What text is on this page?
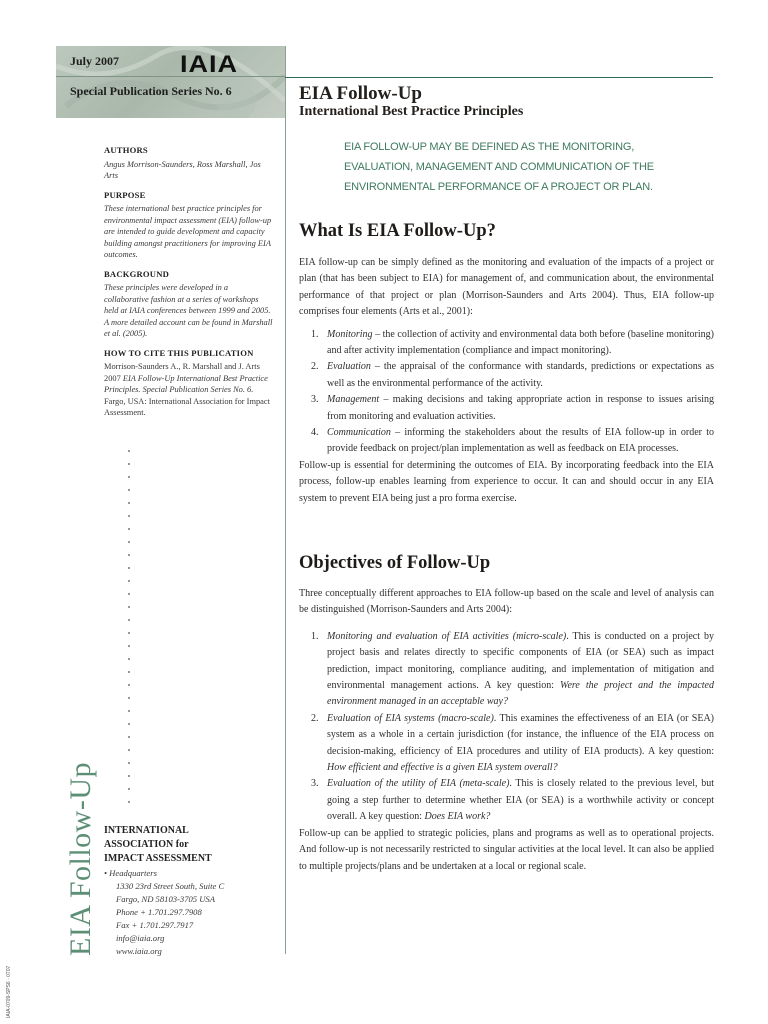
July 2007 IAIA
Special Publication Series No. 6	EIA Follow-Up
International Best Practice Principles
EIA FOLLOW-UP MAY BE DEFINED AS THE MONITORING, EVALUATION, MANAGEMENT AND COMMUNICATION OF THE ENVIRONMENTAL PERFORMANCE OF A PROJECT OR PLAN.
AUTHORS

Angus Morrison-Saunders, Ross Marshall, Jos Arts

PURPOSE

These international best practice principles for environmental impact assessment (EIA) follow-up are intended to guide development and capacity building amongst practitioners for improving EIA outcomes.

BACKGROUND

These principles were developed in a collaborative fashion at a series of workshops held at IAIA conferences between 1999 and 2005. A more detailed account can be found in Marshall et al. (2005).

HOW TO CITE THIS PUBLICATION

Morrison-Saunders A., R. Marshall and J. Arts 2007 EIA Follow-Up International Best Practice Principles. Special Publication Series No. 6. Fargo, USA: International Association for Impact Assessment.

INTERNATIONAL
ASSOCIATION for
IMPACT ASSESSMENT
• Headquarters
1330 23rd Street South, Suite C
Fargo, ND 58103-3705 USA
Phone + 1.701.297.7908
Fax + 1.701.297.7917
info@iaia.org
www.iaia.org
EIA Follow-Up
IAIA-0709-SPS6 · 0707
What Is EIA Follow-Up?

EIA follow-up can be simply defined as the monitoring and evaluation of the impacts of a project or plan (that has been subject to EIA) for management of, and communication about, the environmental performance of that project or plan (Morrison-Saunders and Arts 2004). Thus, EIA follow-up comprises four elements (Arts et al., 2001):

1. Monitoring – the collection of activity and environmental data both before (baseline monitoring) and after activity implementation (compliance and impact monitoring).
2. Evaluation – the appraisal of the conformance with standards, predictions or expectations as well as the environmental performance of the activity.
3. Management – making decisions and taking appropriate action in response to issues arising from monitoring and evaluation activities.
4. Communication – informing the stakeholders about the results of EIA follow-up in order to provide feedback on project/plan implementation as well as feedback on EIA processes.

Follow-up is essential for determining the outcomes of EIA. By incorporating feedback into the EIA process, follow-up enables learning from experience to occur. It can and should occur in any EIA system to prevent EIA being just a pro forma exercise.

Objectives of Follow-Up

Three conceptually different approaches to EIA follow-up based on the scale and level of analysis can be distinguished (Morrison-Saunders and Arts 2004):

1. Monitoring and evaluation of EIA activities (micro-scale). This is conducted on a project by project basis and relates directly to specific components of EIA (or SEA) such as impact prediction, impact monitoring, compliance auditing, and implementation of mitigation and environmental management actions. A key question: Were the project and the impacted environment managed in an acceptable way?
2. Evaluation of EIA systems (macro-scale). This examines the effectiveness of an EIA (or SEA) system as a whole in a certain jurisdiction (for instance, the influence of the EIA process on decision-making, efficiency of EIA procedures and utility of EIA products). A key question: How efficient and effective is a given EIA system overall?
3. Evaluation of the utility of EIA (meta-scale). This is closely related to the previous level, but going a step further to determine whether EIA (or SEA) is a worthwhile activity or concept overall. A key question: Does EIA work?

Follow-up can be applied to strategic policies, plans and programs as well as to operational projects. And follow-up is not necessarily restricted to singular activities at the local level. It can also be applied to multiple projects/plans and be undertaken at a local or regional scale.
